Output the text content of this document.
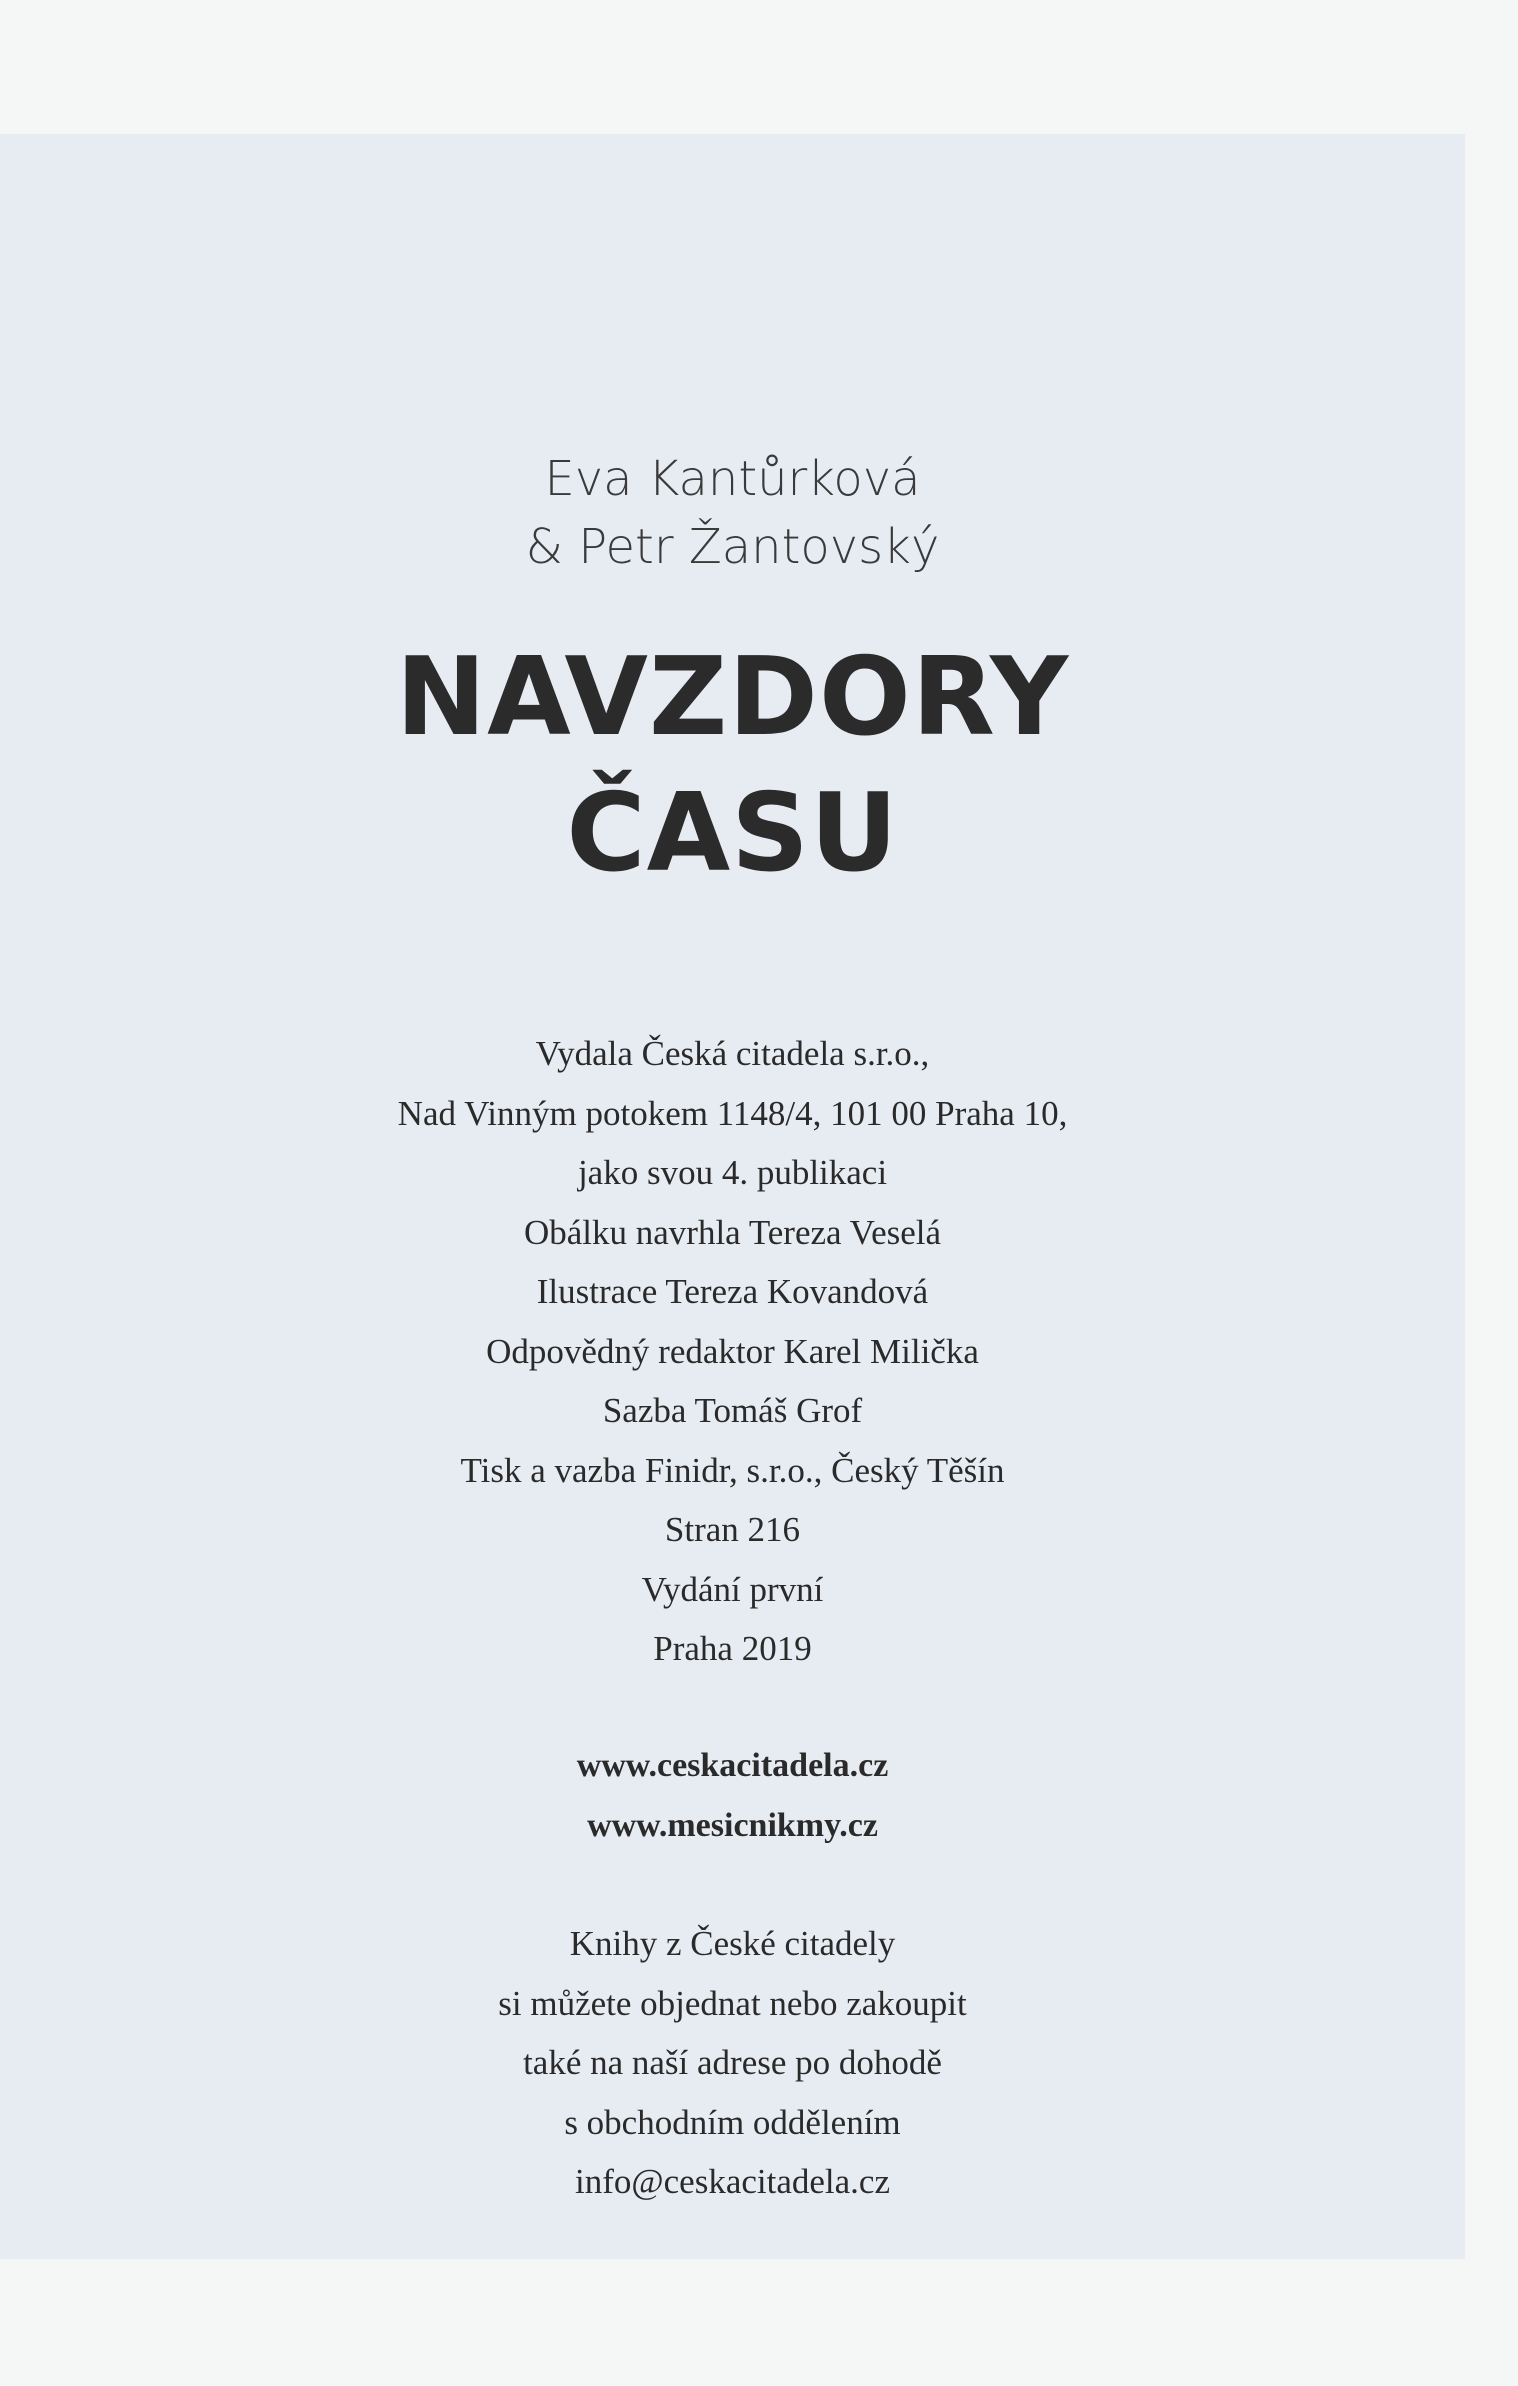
Eva Kantůrková
& Petr Žantovský
NAVZDORY
ČASU
Vydala Česká citadela s.r.o.,
Nad Vinným potokem 1148/4, 101 00 Praha 10,
jako svou 4. publikaci
Obálku navrhla Tereza Veselá
Ilustrace Tereza Kovandová
Odpovědný redaktor Karel Milička
Sazba Tomáš Grof
Tisk a vazba Finidr, s.r.o., Český Těšín
Stran 216
Vydání první
Praha 2019
www.ceskacitadela.cz
www.mesicnikmy.cz
Knihy z České citadely
si můžete objednat nebo zakoupit
také na naší adrese po dohodě
s obchodním oddělením
info@ceskacitadela.cz
